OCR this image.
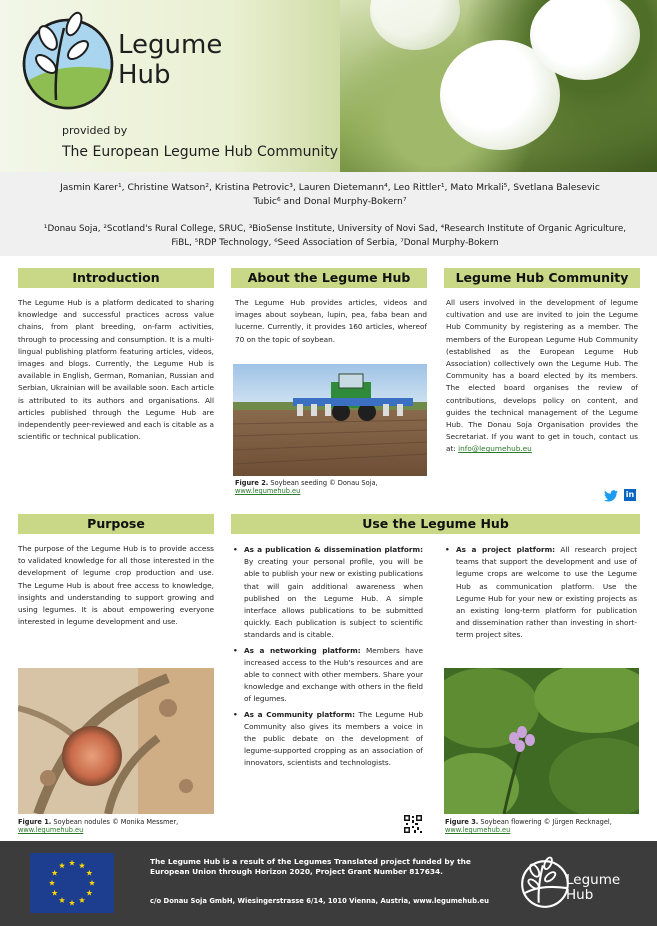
Legume
Hub
provided by
The European Legume Hub Community
Jasmin Karer¹, Christine Watson², Kristina Petrovic³, Lauren Dietemann⁴, Leo Rittler¹, Mato Mrkali⁵, Svetlana Balesevic Tubic⁶ and Donal Murphy-Bokern⁷
¹Donau Soja, ²Scotland's Rural College, SRUC, ³BioSense Institute, University of Novi Sad, ⁴Research Institute of Organic Agriculture, FiBL, ⁵RDP Technology, ⁶Seed Association of Serbia, ⁷Donal Murphy-Bokern
Introduction
The Legume Hub is a platform dedicated to sharing knowledge and successful practices across value chains, from plant breeding, on-farm activities, through to processing and consumption. It is a multi-lingual publishing platform featuring articles, videos, images and blogs. Currently, the Legume Hub is available in English, German, Romanian, Russian and Serbian, Ukrainian will be available soon. Each article is attributed to its authors and organisations. All articles published through the Legume Hub are independently peer-reviewed and each is citable as a scientific or technical publication.
About the Legume Hub
The Legume Hub provides articles, videos and images about soybean, lupin, pea, faba bean and lucerne. Currently, it provides 160 articles, whereof 70 on the topic of soybean.
Figure 2. Soybean seeding © Donau Soja,
www.legumehub.eu
Legume Hub Community
All users involved in the development of legume cultivation and use are invited to join the Legume Hub Community by registering as a member. The members of the European Legume Hub Community (established as the European Legume Hub Association) collectively own the Legume Hub. The Community has a board elected by its members. The elected board organises the review of contributions, develops policy on content, and guides the technical management of the Legume Hub. The Donau Soja Organisation provides the Secretariat. If you want to get in touch, contact us at: info@legumehub.eu
in
Purpose
The purpose of the Legume Hub is to provide access to validated knowledge for all those interested in the development of legume crop production and use. The Legume Hub is about free access to knowledge, insights and understanding to support growing and using legumes. It is about empowering everyone interested in legume development and use.
Figure 1. Soybean nodules © Monika Messmer,
www.legumehub.eu
Use the Legume Hub
• As a publication & dissemination platform: By creating your personal profile, you will be able to publish your new or existing publications that will gain additional awareness when published on the Legume Hub. A simple interface allows publications to be submitted quickly. Each publication is subject to scientific standards and is citable.
• As a networking platform: Members have increased access to the Hub's resources and are able to connect with other members. Share your knowledge and exchange with others in the field of legumes.
• As a Community platform: The Legume Hub Community also gives its members a voice in the public debate on the development of legume-supported cropping as an association of innovators, scientists and technologists.
• As a project platform: All research project teams that support the development and use of legume crops are welcome to use the Legume Hub as communication platform. Use the Legume Hub for your new or existing projects as an existing long-term platform for publication and dissemination rather than investing in short-term project sites.
Figure 3. Soybean flowering © Jürgen Recknagel,
www.legumehub.eu
The Legume Hub is a result of the Legumes Translated project funded by the European Union through Horizon 2020, Project Grant Number 817634.
c/o Donau Soja GmbH, Wiesingerstrasse 6/14, 1010 Vienna, Austria, www.legumehub.eu
Legume
Hub
